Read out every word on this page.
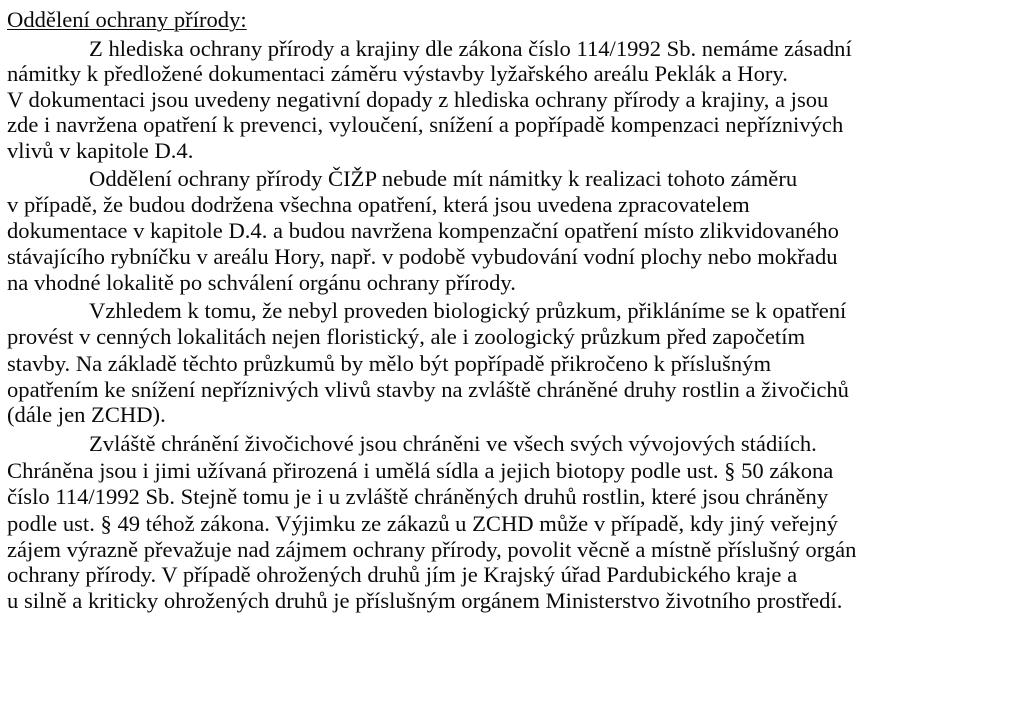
Oddělení ochrany přírody:
Z hlediska ochrany přírody a krajiny dle zákona číslo 114/1992 Sb. nemáme zásadní
námitky k předložené dokumentaci záměru výstavby lyžařského areálu Peklák a Hory.
V dokumentaci jsou uvedeny negativní dopady z hlediska ochrany přírody a krajiny, a jsou
zde i navržena opatření k prevenci, vyloučení, snížení a popřípadě kompenzaci nepříznivých
vlivů v kapitole D.4.
Oddělení ochrany přírody ČIŽP nebude mít námitky k realizaci tohoto záměru
v případě, že budou dodržena všechna opatření, která jsou uvedena zpracovatelem
dokumentace v kapitole D.4. a budou navržena kompenzační opatření místo zlikvidovaného
stávajícího rybníčku v areálu Hory, např. v podobě vybudování vodní plochy nebo mokřadu
na vhodné lokalitě po schválení orgánu ochrany přírody.
Vzhledem k tomu, že nebyl proveden biologický průzkum, přikláníme se k opatření
provést v cenných lokalitách nejen floristický, ale i zoologický průzkum před započetím
stavby. Na základě těchto průzkumů by mělo být popřípadě přikročeno k příslušným
opatřením ke snížení nepříznivých vlivů stavby na zvláště chráněné druhy rostlin a živočichů
(dále jen ZCHD).
Zvláště chránění živočichové jsou chráněni ve všech svých vývojových stádiích.
Chráněna jsou i jimi užívaná přirozená i umělá sídla a jejich biotopy podle ust. § 50 zákona
číslo 114/1992 Sb. Stejně tomu je i u zvláště chráněných druhů rostlin, které jsou chráněny
podle ust. § 49 téhož zákona. Výjimku ze zákazů u ZCHD může v případě, kdy jiný veřejný
zájem výrazně převažuje nad zájmem ochrany přírody, povolit věcně a místně příslušný orgán
ochrany přírody. V případě ohrožených druhů jím je Krajský úřad Pardubického kraje a
u silně a kriticky ohrožených druhů je příslušným orgánem Ministerstvo životního prostředí.
